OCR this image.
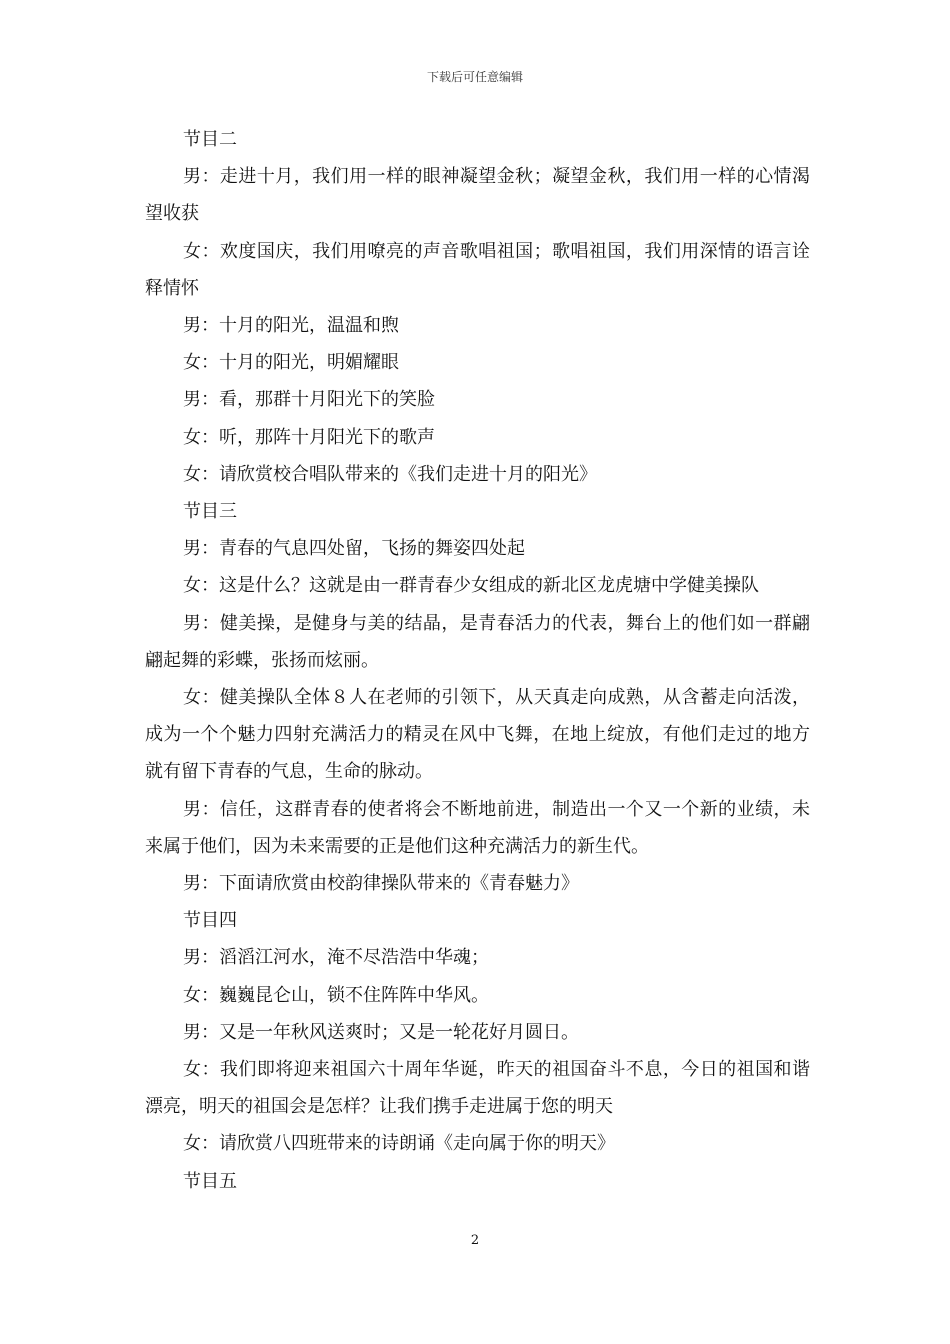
下载后可任意编辑

节目二

男：走进十月，我们用一样的眼神凝望金秋；凝望金秋，我们用一样的心情渴望收获

女：欢度国庆，我们用嘹亮的声音歌唱祖国；歌唱祖国，我们用深情的语言诠释情怀

男：十月的阳光，温温和煦

女：十月的阳光，明媚耀眼

男：看，那群十月阳光下的笑脸

女：听，那阵十月阳光下的歌声

女：请欣赏校合唱队带来的《我们走进十月的阳光》

节目三

男：青春的气息四处留，飞扬的舞姿四处起

女：这是什么？这就是由一群青春少女组成的新北区龙虎塘中学健美操队

男：健美操，是健身与美的结晶，是青春活力的代表，舞台上的他们如一群翩翩起舞的彩蝶，张扬而炫丽。

女：健美操队全体８人在老师的引领下，从天真走向成熟，从含蓄走向活泼，成为一个个魅力四射充满活力的精灵在风中飞舞，在地上绽放，有他们走过的地方就有留下青春的气息，生命的脉动。

男：信任，这群青春的使者将会不断地前进，制造出一个又一个新的业绩，未来属于他们，因为未来需要的正是他们这种充满活力的新生代。

男：下面请欣赏由校韵律操队带来的《青春魅力》

节目四

男：滔滔江河水，淹不尽浩浩中华魂；

女：巍巍昆仑山，锁不住阵阵中华风。

男：又是一年秋风送爽时；又是一轮花好月圆日。

女：我们即将迎来祖国六十周年华诞，昨天的祖国奋斗不息，今日的祖国和谐漂亮，明天的祖国会是怎样？让我们携手走进属于您的明天

女：请欣赏八四班带来的诗朗诵《走向属于你的明天》

节目五

2
